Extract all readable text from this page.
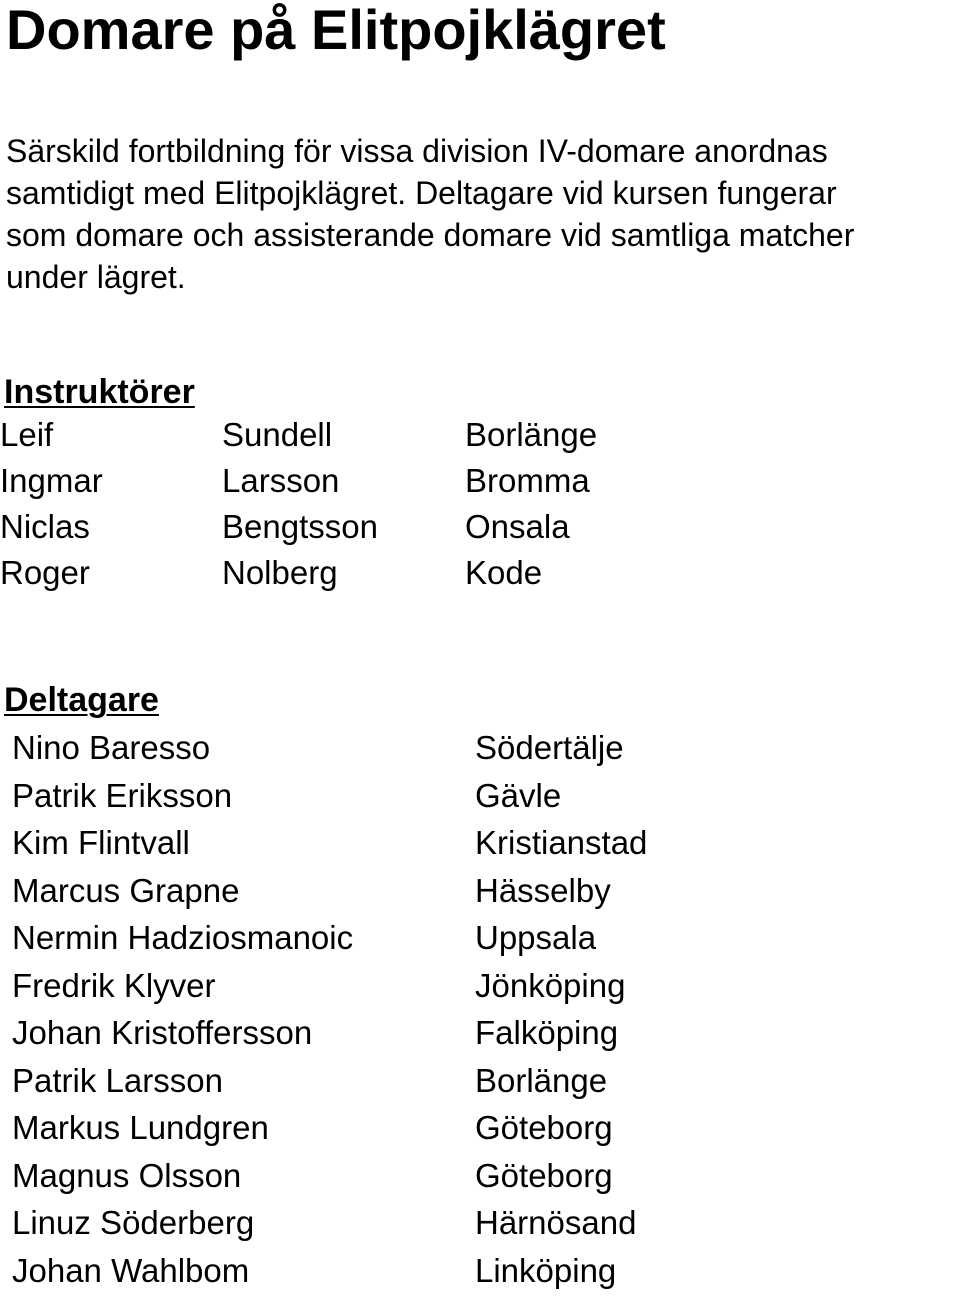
Domare på Elitpojklägret

Särskild fortbildning för vissa division IV-domare anordnas
samtidigt med Elitpojklägret. Deltagare vid kursen fungerar
som domare och assisterande domare vid samtliga matcher
under lägret.

Instruktörer
Leif	Sundell	Borlänge
Ingmar	Larsson	Bromma
Niclas	Bengtsson	Onsala
Roger	Nolberg	Kode
Deltagare
Nino Baresso	Södertälje
Patrik Eriksson	Gävle
Kim Flintvall	Kristianstad
Marcus Grapne	Hässelby
Nermin Hadziosmanoic	Uppsala
Fredrik Klyver	Jönköping
Johan Kristoffersson	Falköping
Patrik Larsson	Borlänge
Markus Lundgren	Göteborg
Magnus Olsson	Göteborg
Linuz Söderberg	Härnösand
Johan Wahlbom	Linköping
